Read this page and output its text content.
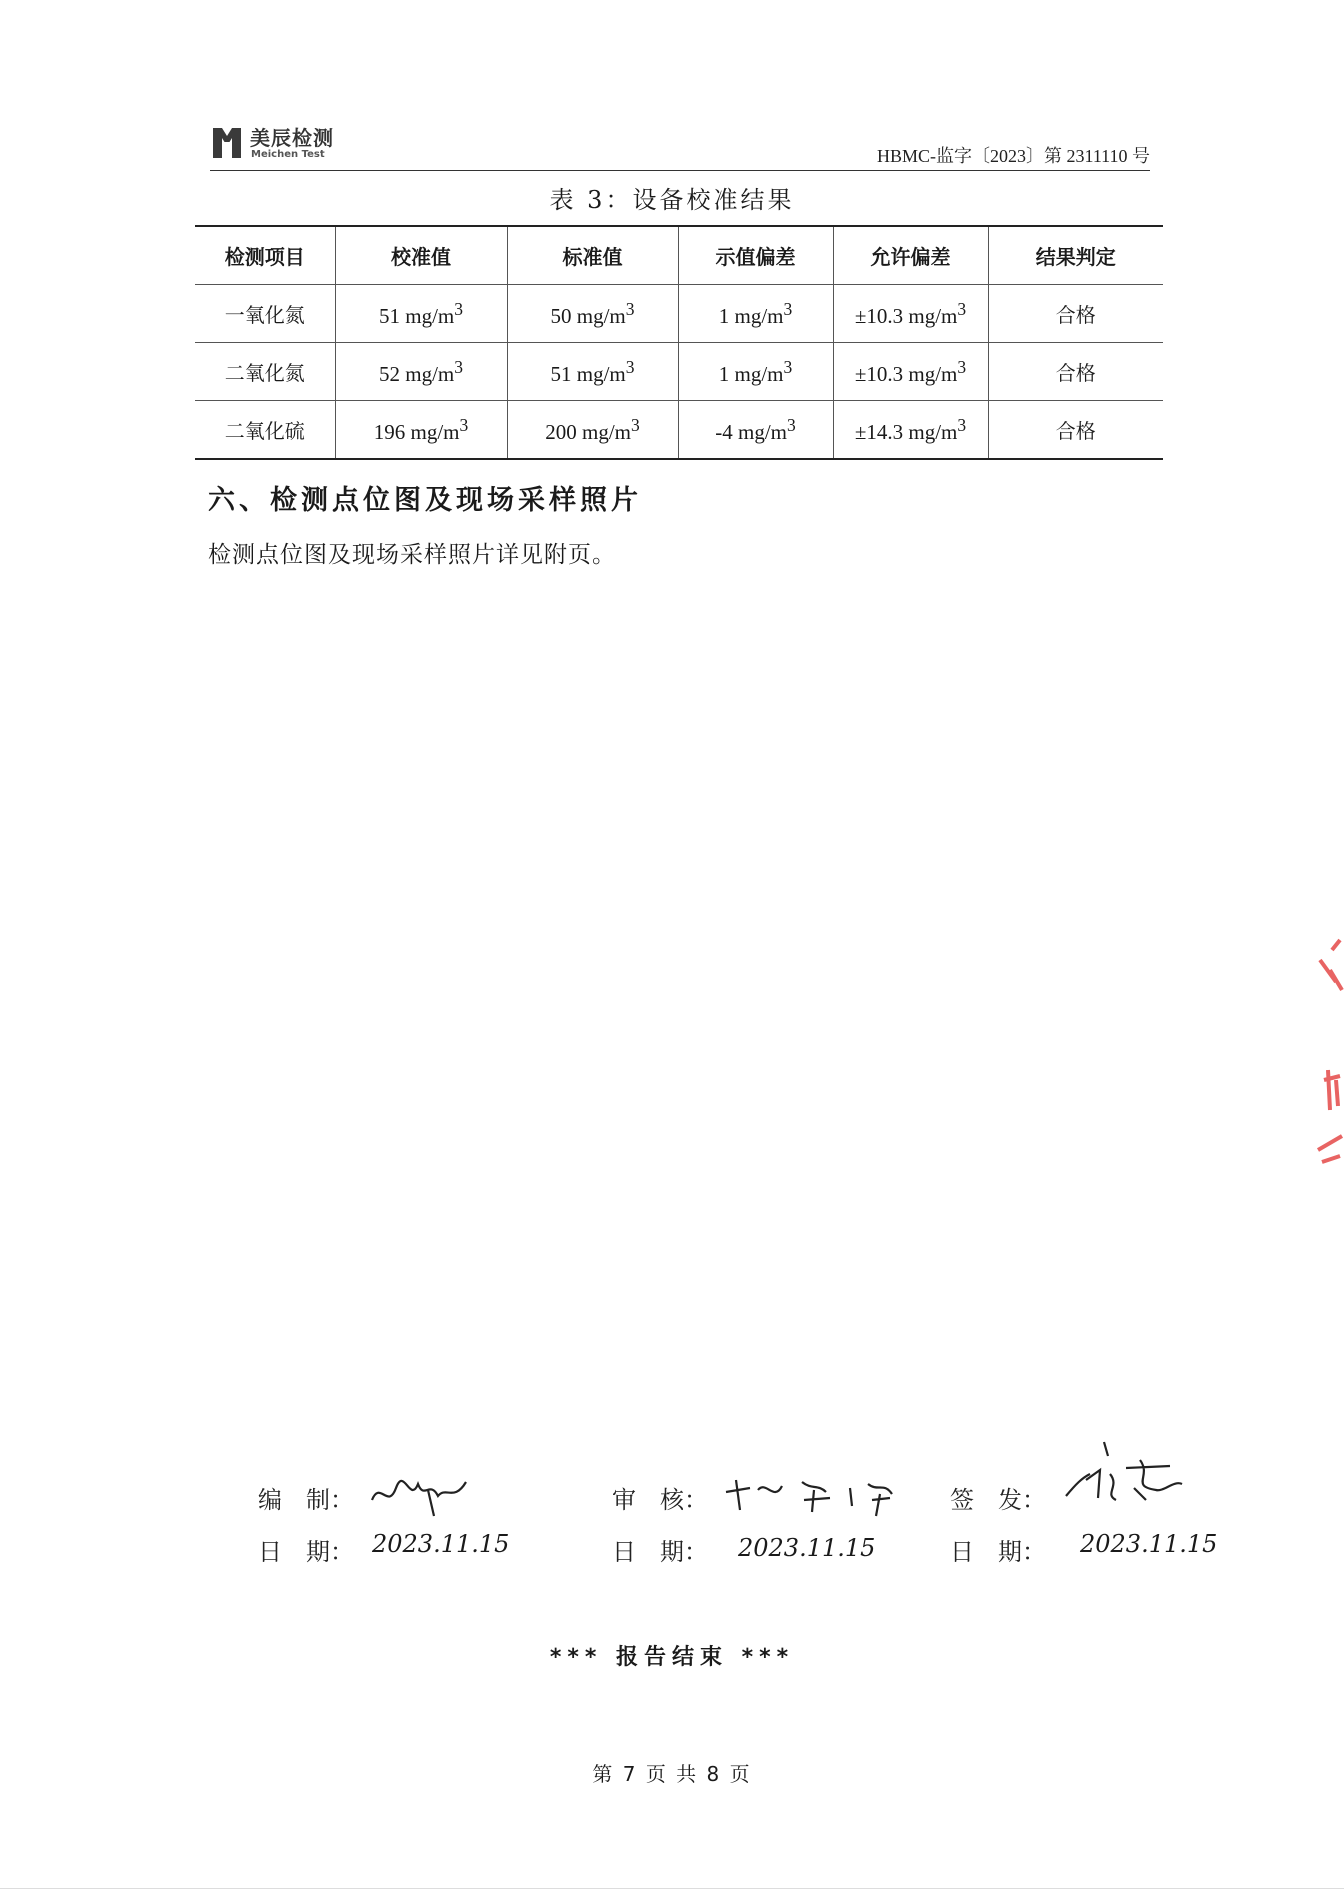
美辰检测
Meichen Test	HBMC-监字〔2023〕第 2311110 号
表 3：设备校准结果
检测项目	校准值	标准值	示值偏差	允许偏差	结果判定
一氧化氮	51 $mg/m^3$	50 $mg/m^3$	1 $mg/m^3$	±10.3 $mg/m^3$	合格
二氧化氮	52 $mg/m^3$	51 $mg/m^3$	1 $mg/m^3$	±10.3 $mg/m^3$	合格
二氧化硫	196 $mg/m^3$	200 $mg/m^3$	-4 $mg/m^3$	±14.3 $mg/m^3$	合格
六、检测点位图及现场采样照片
检测点位图及现场采样照片详见附页。
编　制：	审　核：	签　发：
日　期： 2023.11.15	日　期： 2023.11.15	日　期： 2023.11.15
*** 报告结束 ***
第 7 页 共 8 页
